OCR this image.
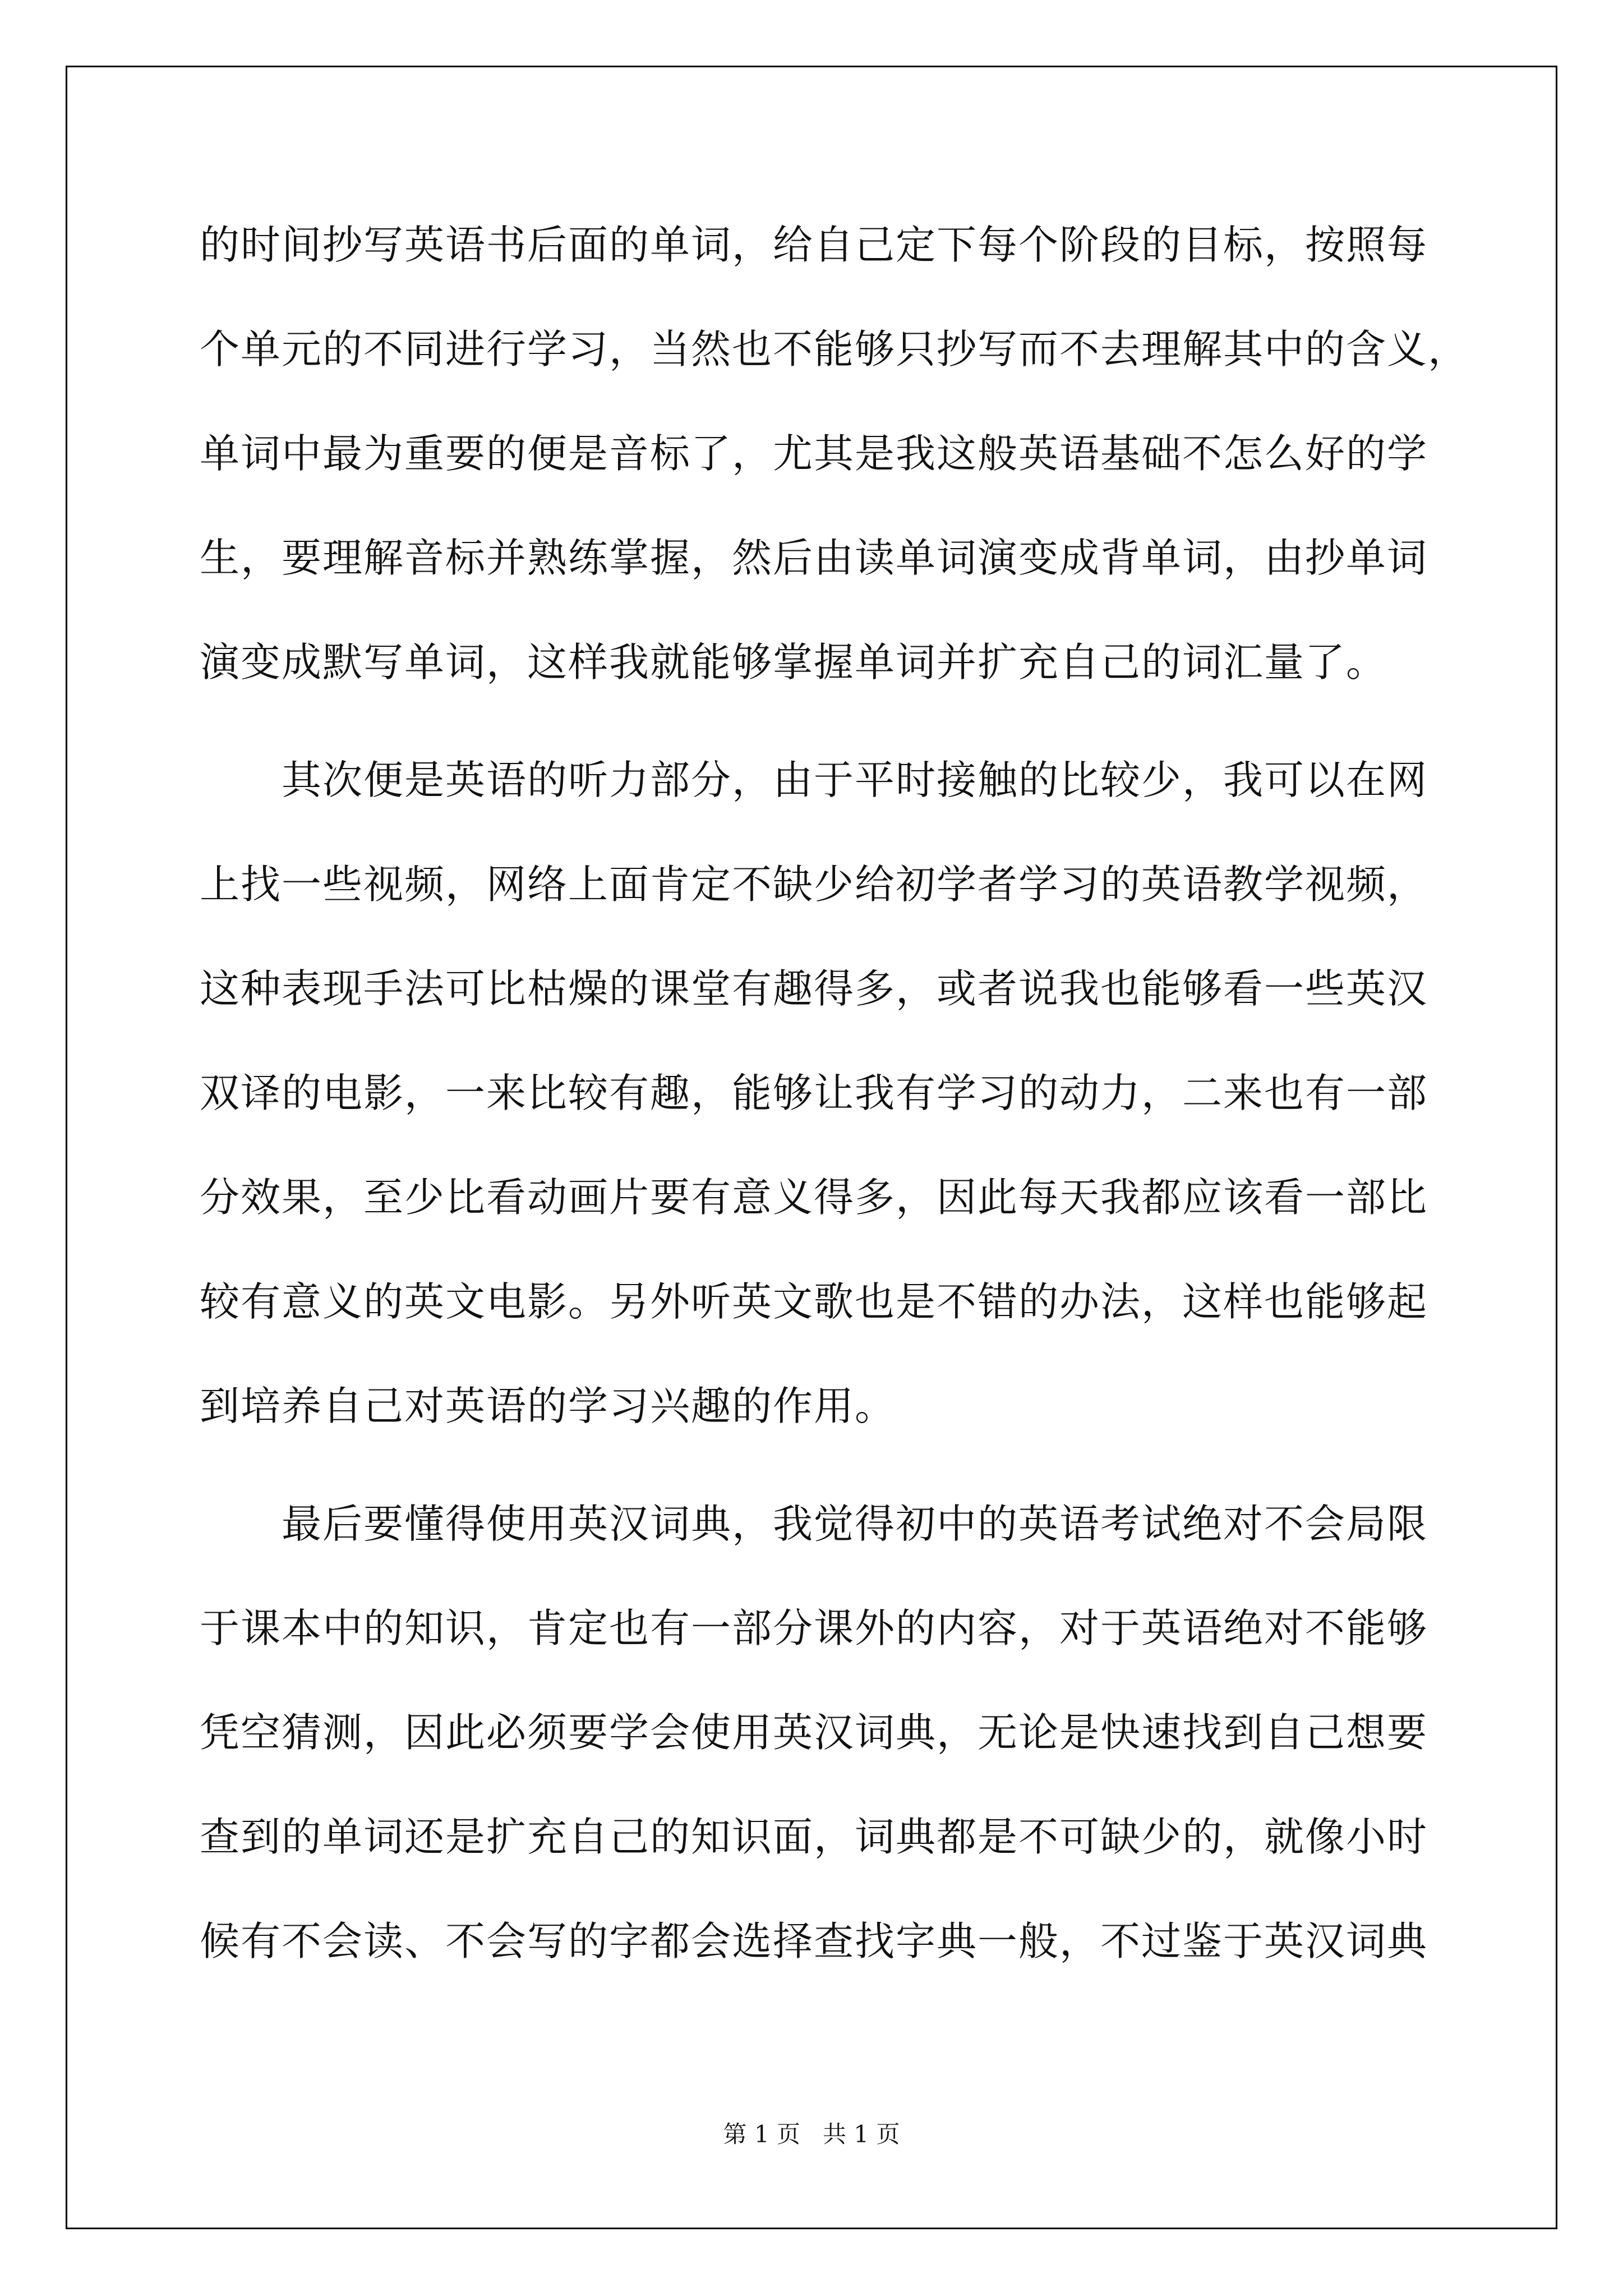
的时间抄写英语书后面的单词，给自己定下每个阶段的目标，按照每
个单元的不同进行学习，当然也不能够只抄写而不去理解其中的含义，
单词中最为重要的便是音标了，尤其是我这般英语基础不怎么好的学
生，要理解音标并熟练掌握，然后由读单词演变成背单词，由抄单词
演变成默写单词，这样我就能够掌握单词并扩充自己的词汇量了。
其次便是英语的听力部分，由于平时接触的比较少，我可以在网
上找一些视频，网络上面肯定不缺少给初学者学习的英语教学视频，
这种表现手法可比枯燥的课堂有趣得多，或者说我也能够看一些英汉
双译的电影，一来比较有趣，能够让我有学习的动力，二来也有一部
分效果，至少比看动画片要有意义得多，因此每天我都应该看一部比
较有意义的英文电影。另外听英文歌也是不错的办法，这样也能够起
到培养自己对英语的学习兴趣的作用。
最后要懂得使用英汉词典，我觉得初中的英语考试绝对不会局限
于课本中的知识，肯定也有一部分课外的内容，对于英语绝对不能够
凭空猜测，因此必须要学会使用英汉词典，无论是快速找到自己想要
查到的单词还是扩充自己的知识面，词典都是不可缺少的，就像小时
候有不会读、不会写的字都会选择查找字典一般，不过鉴于英汉词典
第 1 页   共 1 页
